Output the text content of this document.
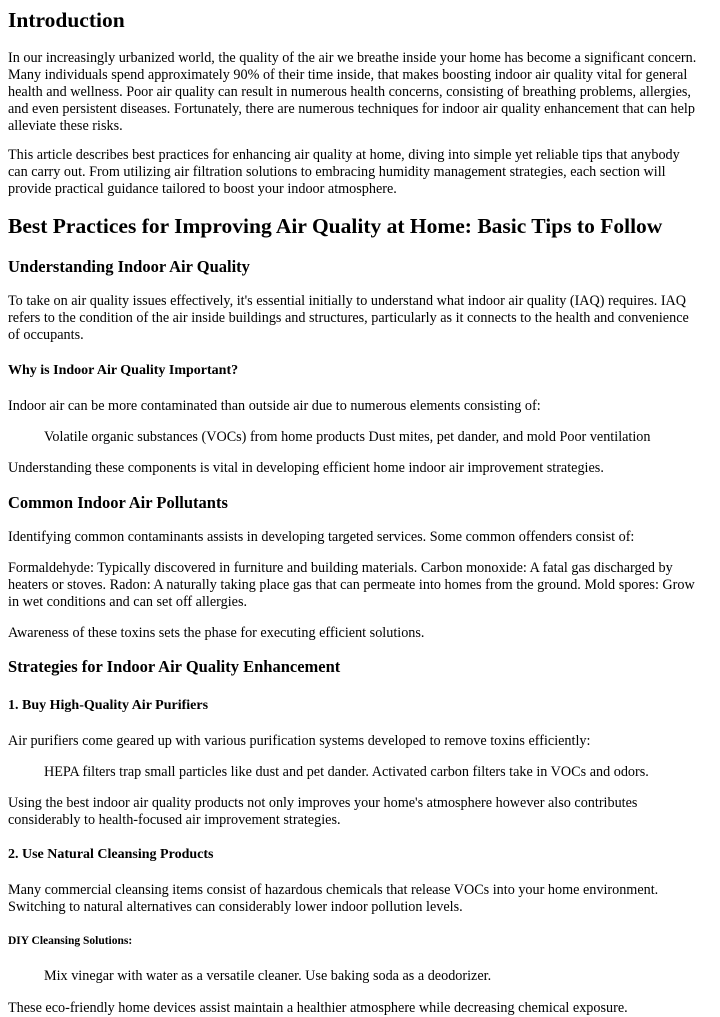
Introduction
In our increasingly urbanized world, the quality of the air we breathe inside your home has become a significant concern.
Many individuals spend approximately 90% of their time inside, that makes boosting indoor air quality vital for general
health and wellness. Poor air quality can result in numerous health concerns, consisting of breathing problems, allergies,
and even persistent diseases. Fortunately, there are numerous techniques for indoor air quality enhancement that can help
alleviate these risks.
This article describes best practices for enhancing air quality at home, diving into simple yet reliable tips that anybody
can carry out. From utilizing air filtration solutions to embracing humidity management strategies, each section will
provide practical guidance tailored to boost your indoor atmosphere.
Best Practices for Improving Air Quality at Home: Basic Tips to Follow
Understanding Indoor Air Quality
To take on air quality issues effectively, it's essential initially to understand what indoor air quality (IAQ) requires. IAQ
refers to the condition of the air inside buildings and structures, particularly as it connects to the health and convenience
of occupants.
Why is Indoor Air Quality Important?
Indoor air can be more contaminated than outside air due to numerous elements consisting of:
Volatile organic substances (VOCs) from home products Dust mites, pet dander, and mold Poor ventilation
Understanding these components is vital in developing efficient home indoor air improvement strategies.
Common Indoor Air Pollutants
Identifying common contaminants assists in developing targeted services. Some common offenders consist of:
Formaldehyde: Typically discovered in furniture and building materials. Carbon monoxide: A fatal gas discharged by
heaters or stoves. Radon: A naturally taking place gas that can permeate into homes from the ground. Mold spores: Grow
in wet conditions and can set off allergies.
Awareness of these toxins sets the phase for executing efficient solutions.
Strategies for Indoor Air Quality Enhancement
1. Buy High-Quality Air Purifiers
Air purifiers come geared up with various purification systems developed to remove toxins efficiently:
HEPA filters trap small particles like dust and pet dander. Activated carbon filters take in VOCs and odors.
Using the best indoor air quality products not only improves your home's atmosphere however also contributes
considerably to health-focused air improvement strategies.
2. Use Natural Cleansing Products
Many commercial cleansing items consist of hazardous chemicals that release VOCs into your home environment.
Switching to natural alternatives can considerably lower indoor pollution levels.
DIY Cleansing Solutions:
Mix vinegar with water as a versatile cleaner. Use baking soda as a deodorizer.
These eco-friendly home devices assist maintain a healthier atmosphere while decreasing chemical exposure.
